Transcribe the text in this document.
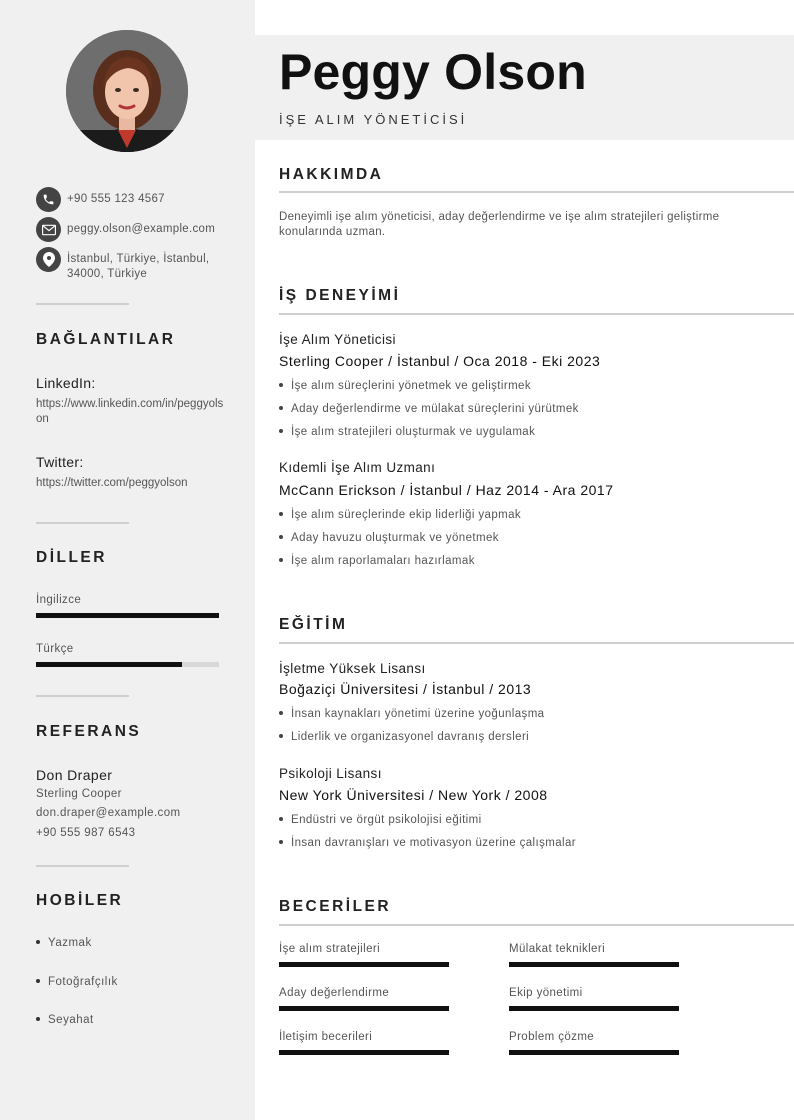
+90 555 123 4567
peggy.olson@example.com
İstanbul, Türkiye, İstanbul, 34000, Türkiye
BAĞLANTILAR
LinkedIn:
https://www.linkedin.com/in/peggyolson
Twitter:
https://twitter.com/peggyolson
DİLLER
İngilizce
Türkçe
REFERANS
Don Draper
Sterling Cooper
don.draper@example.com
+90 555 987 6543
HOBİLER
Yazmak
Fotoğrafçılık
Seyahat
Peggy Olson
İŞE ALIM YÖNETİCİSİ
HAKKIMDA
Deneyimli işe alım yöneticisi, aday değerlendirme ve işe alım stratejileri geliştirme konularında uzman.
İŞ DENEYİMİ
İşe Alım Yöneticisi
Sterling Cooper / İstanbul / Oca 2018 - Eki 2023
İşe alım süreçlerini yönetmek ve geliştirmek
Aday değerlendirme ve mülakat süreçlerini yürütmek
İşe alım stratejileri oluşturmak ve uygulamak
Kıdemli İşe Alım Uzmanı
McCann Erickson / İstanbul / Haz 2014 - Ara 2017
İşe alım süreçlerinde ekip liderliği yapmak
Aday havuzu oluşturmak ve yönetmek
İşe alım raporlamaları hazırlamak
EĞİTİM
İşletme Yüksek Lisansı
Boğaziçi Üniversitesi / İstanbul / 2013
İnsan kaynakları yönetimi üzerine yoğunlaşma
Liderlik ve organizasyonel davranış dersleri
Psikoloji Lisansı
New York Üniversitesi / New York / 2008
Endüstri ve örgüt psikolojisi eğitimi
İnsan davranışları ve motivasyon üzerine çalışmalar
BECERİLER
İşe alım stratejileri	Mülakat teknikleri
Aday değerlendirme	Ekip yönetimi
İletişim becerileri	Problem çözme
